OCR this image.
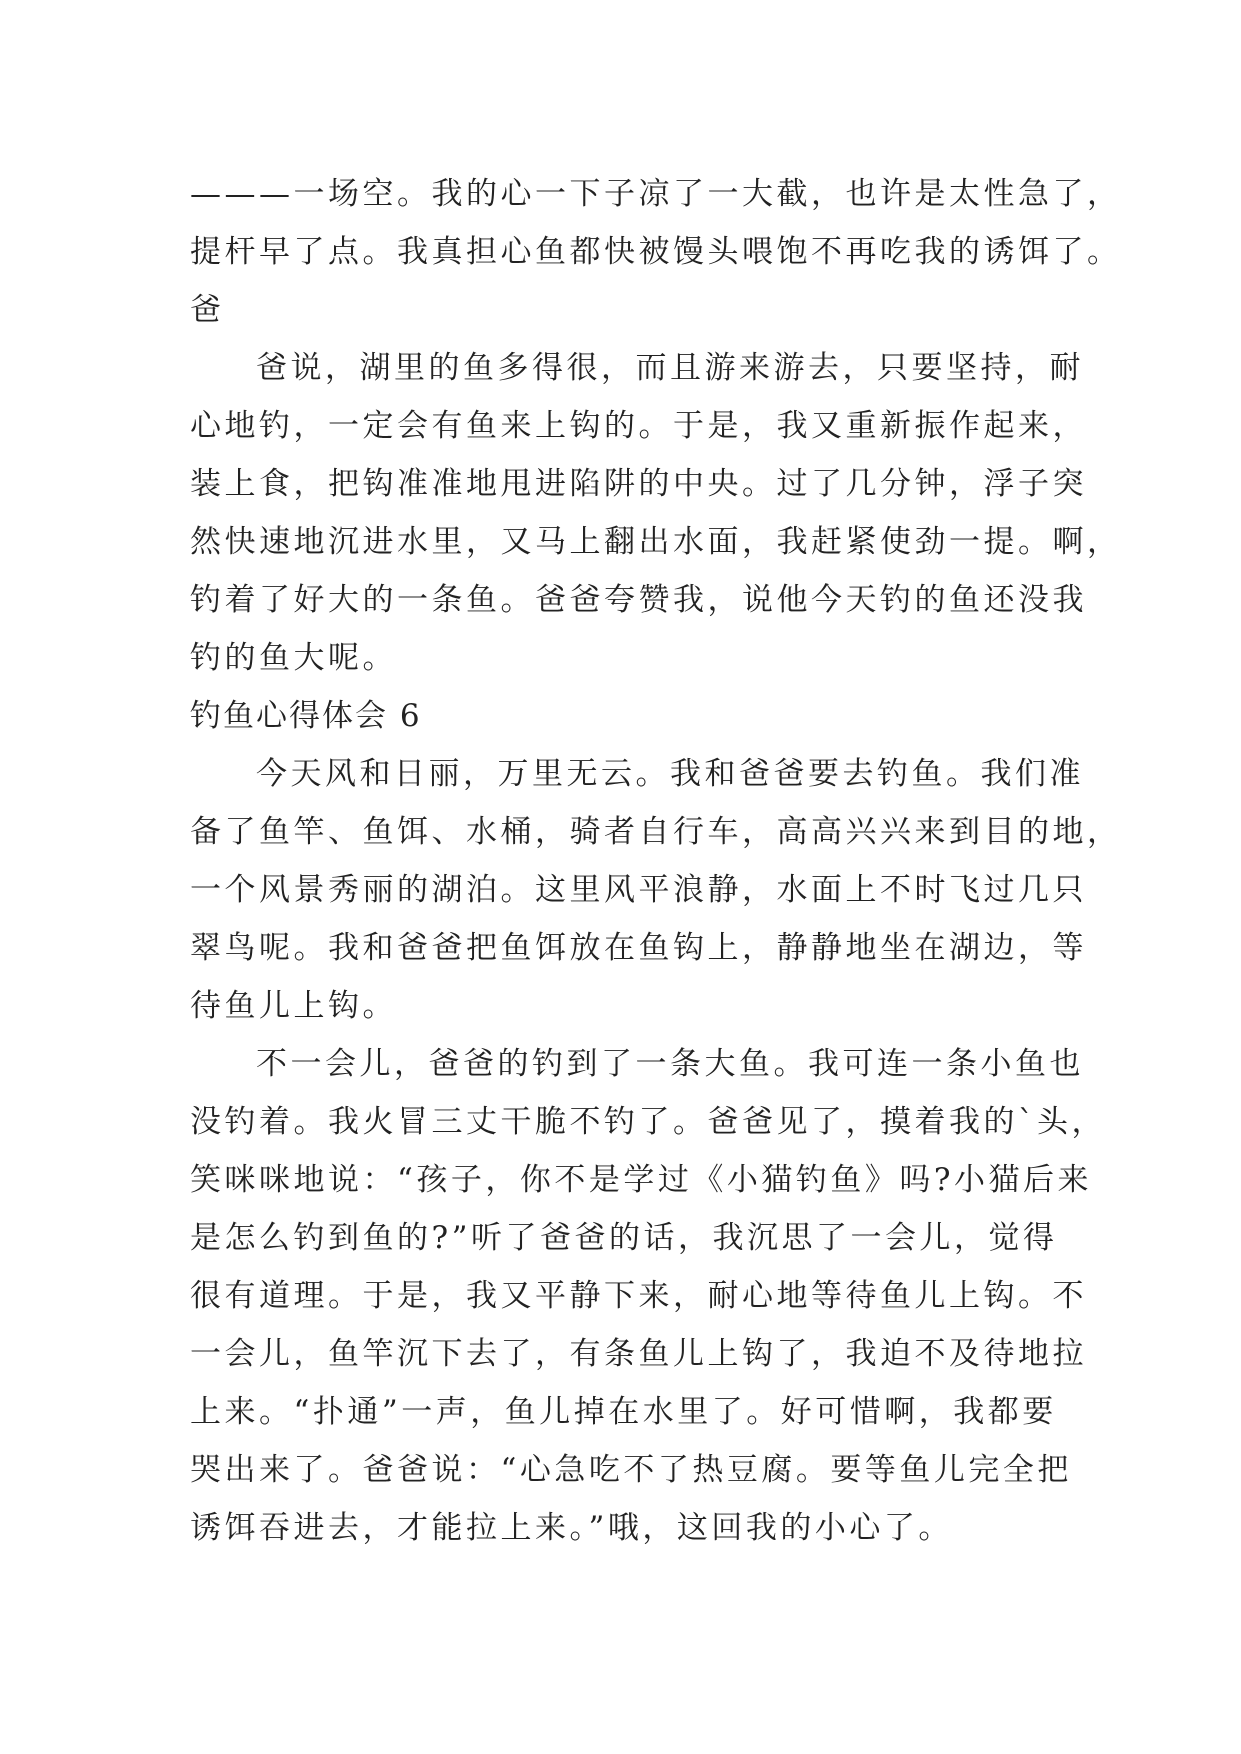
———一场空。我的心一下子凉了一大截，也许是太性急了，
提杆早了点。我真担心鱼都快被馒头喂饱不再吃我的诱饵了。
爸
爸说，湖里的鱼多得很，而且游来游去，只要坚持，耐
心地钓，一定会有鱼来上钩的。于是，我又重新振作起来，
装上食，把钩准准地甩进陷阱的中央。过了几分钟，浮子突
然快速地沉进水里，又马上翻出水面，我赶紧使劲一提。啊，
钓着了好大的一条鱼。爸爸夸赞我，说他今天钓的鱼还没我
钓的鱼大呢。
钓鱼心得体会 6
今天风和日丽，万里无云。我和爸爸要去钓鱼。我们准
备了鱼竿、鱼饵、水桶，骑者自行车，高高兴兴来到目的地，
一个风景秀丽的湖泊。这里风平浪静，水面上不时飞过几只
翠鸟呢。我和爸爸把鱼饵放在鱼钩上，静静地坐在湖边，等
待鱼儿上钩。
不一会儿，爸爸的钓到了一条大鱼。我可连一条小鱼也
没钓着。我火冒三丈干脆不钓了。爸爸见了，摸着我的`头，
笑咪咪地说：“孩子，你不是学过《小猫钓鱼》吗?小猫后来
是怎么钓到鱼的?”听了爸爸的话，我沉思了一会儿，觉得
很有道理。于是，我又平静下来，耐心地等待鱼儿上钩。不
一会儿，鱼竿沉下去了，有条鱼儿上钩了，我迫不及待地拉
上来。“扑通”一声，鱼儿掉在水里了。好可惜啊，我都要
哭出来了。爸爸说：“心急吃不了热豆腐。要等鱼儿完全把
诱饵吞进去，才能拉上来。”哦，这回我的小心了。
